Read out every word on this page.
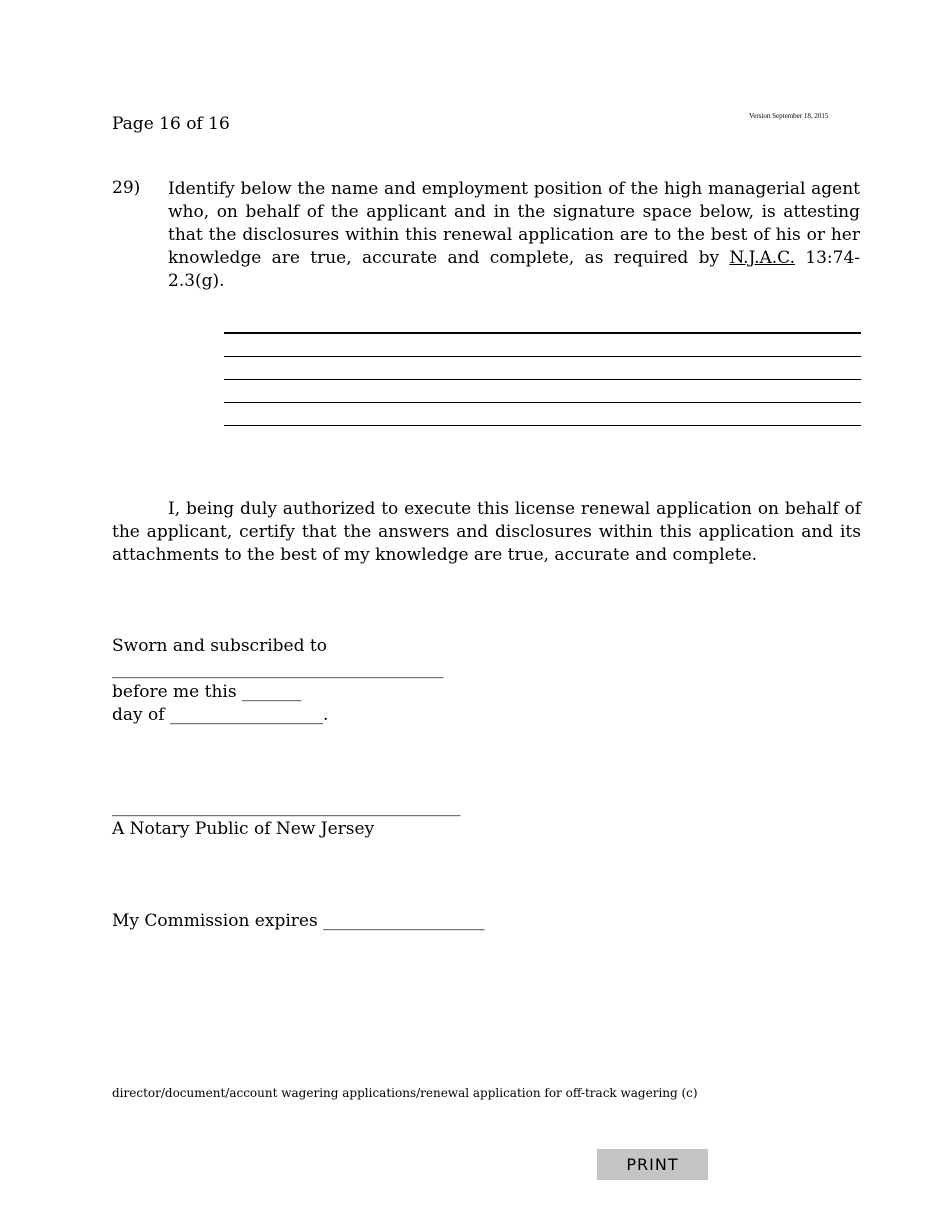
Page 16 of 16	Version September 18, 2015
29) Identify below the name and employment position of the high managerial agent who, on behalf of the applicant and in the signature space below, is attesting that the disclosures within this renewal application are to the best of his or her knowledge are true, accurate and complete, as required by N.J.A.C. 13:74-2.3(g).
I, being duly authorized to execute this license renewal application on behalf of the applicant, certify that the answers and disclosures within this application and its attachments to the best of my knowledge are true, accurate and complete.
Sworn and subscribed to
_______________________________________
before me this _______
day of __________________.
_________________________________________
A Notary Public of New Jersey
My Commission expires ___________________
director/document/account wagering applications/renewal application for off-track wagering (c)
PRINT
